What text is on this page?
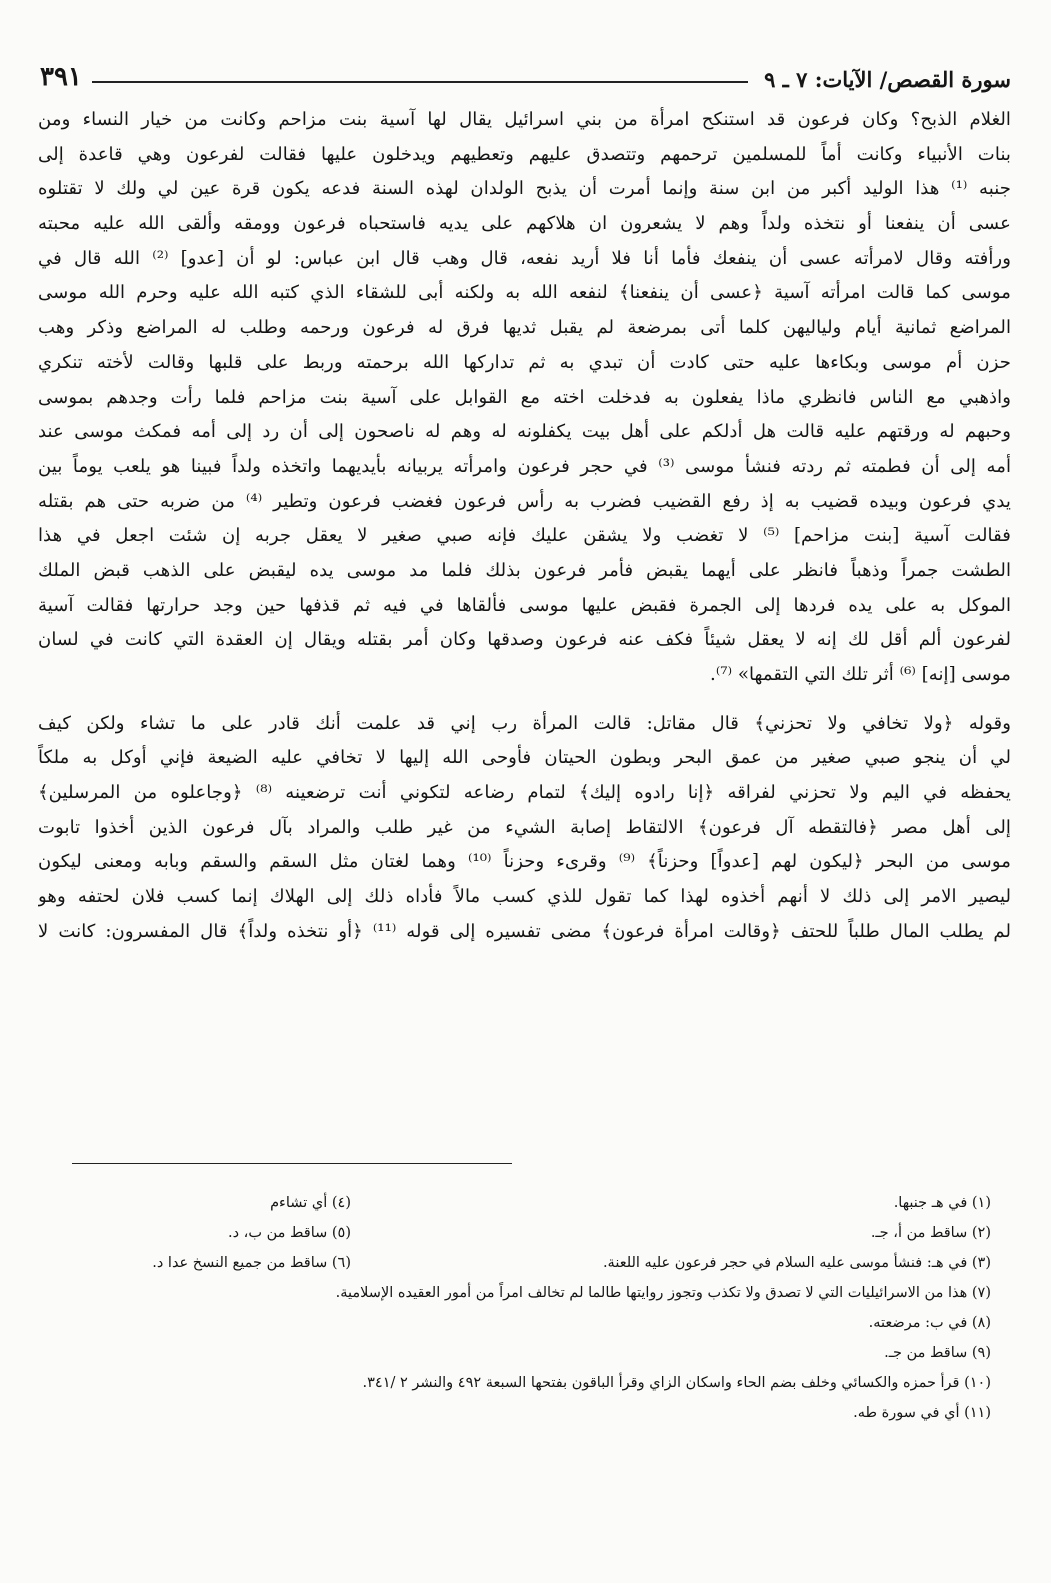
سورة القصص/ الآيات: ٧ ـ ٩
٣٩١
الغلام الذبح؟ وكان فرعون قد استنكح امرأة من بني اسرائيل يقال لها آسية بنت مزاحم وكانت من خيار النساء ومن
بنات الأنبياء وكانت أماً للمسلمين ترحمهم وتتصدق عليهم وتعطيهم ويدخلون عليها فقالت لفرعون وهي قاعدة إلى
جنبه ⁽¹⁾ هذا الوليد أكبر من ابن سنة وإنما أمرت أن يذبح الولدان لهذه السنة فدعه يكون قرة عين لي ولك لا تقتلوه
عسى أن ينفعنا أو نتخذه ولداً وهم لا يشعرون ان هلاكهم على يديه فاستحباه فرعون وومقه وألقى الله عليه محبته
ورأفته وقال لامرأته عسى أن ينفعك فأما أنا فلا أريد نفعه، قال وهب قال ابن عباس: لو أن [عدو] ⁽²⁾ الله قال في
موسى كما قالت امرأته آسية ﴿عسى أن ينفعنا﴾ لنفعه الله به ولكنه أبى للشقاء الذي كتبه الله عليه وحرم الله موسى
المراضع ثمانية أيام ولياليهن كلما أتى بمرضعة لم يقبل ثديها فرق له فرعون ورحمه وطلب له المراضع وذكر وهب
حزن أم موسى وبكاءها عليه حتى كادت أن تبدي به ثم تداركها الله برحمته وربط على قلبها وقالت لأخته تنكري
واذهبي مع الناس فانظري ماذا يفعلون به فدخلت اخته مع القوابل على آسية بنت مزاحم فلما رأت وجدهم بموسى
وحبهم له ورقتهم عليه قالت هل أدلكم على أهل بيت يكفلونه له وهم له ناصحون إلى أن رد إلى أمه فمكث موسى عند
أمه إلى أن فطمته ثم ردته فنشأ موسى ⁽³⁾ في حجر فرعون وامرأته يربيانه بأيديهما واتخذه ولداً فبينا هو يلعب يوماً بين
يدي فرعون وبيده قضيب به إذ رفع القضيب فضرب به رأس فرعون فغضب فرعون وتطير ⁽⁴⁾ من ضربه حتى هم بقتله
فقالت آسية [بنت مزاحم] ⁽⁵⁾ لا تغضب ولا يشقن عليك فإنه صبي صغير لا يعقل جربه إن شئت اجعل في هذا
الطشت جمراً وذهباً فانظر على أيهما يقبض فأمر فرعون بذلك فلما مد موسى يده ليقبض على الذهب قبض الملك
الموكل به على يده فردها إلى الجمرة فقبض عليها موسى فألقاها في فيه ثم قذفها حين وجد حرارتها فقالت آسية
لفرعون ألم أقل لك إنه لا يعقل شيئاً فكف عنه فرعون وصدقها وكان أمر بقتله ويقال إن العقدة التي كانت في لسان
موسى [إنه] ⁽⁶⁾ أثر تلك التي التقمها» ⁽⁷⁾.
وقوله ﴿ولا تخافي ولا تحزني﴾ قال مقاتل: قالت المرأة رب إني قد علمت أنك قادر على ما تشاء ولكن كيف
لي أن ينجو صبي صغير من عمق البحر وبطون الحيتان فأوحى الله إليها لا تخافي عليه الضيعة فإني أوكل به ملكاً
يحفظه في اليم ولا تحزني لفراقه ﴿إنا رادوه إليك﴾ لتمام رضاعه لتكوني أنت ترضعينه ⁽⁸⁾ ﴿وجاعلوه من المرسلين﴾
إلى أهل مصر ﴿فالتقطه آل فرعون﴾ الالتقاط إصابة الشيء من غير طلب والمراد بآل فرعون الذين أخذوا تابوت
موسى من البحر ﴿ليكون لهم [عدواً] وحزناً﴾ ⁽⁹⁾ وقرىء وحزناً ⁽¹⁰⁾ وهما لغتان مثل السقم والسقم وبابه ومعنى ليكون
ليصير الامر إلى ذلك لا أنهم أخذوه لهذا كما تقول للذي كسب مالاً فأداه ذلك إلى الهلاك إنما كسب فلان لحتفه وهو
لم يطلب المال طلباً للحتف ﴿وقالت امرأة فرعون﴾ مضى تفسيره إلى قوله ⁽¹¹⁾ ﴿أو نتخذه ولداً﴾ قال المفسرون: كانت لا
(١) في هـ جنبها.
(٤) أي تشاءم
(٢) ساقط من أ، جـ.
(٥) ساقط من ب، د.
(٣) في هـ: فنشأ موسى عليه السلام في حجر فرعون عليه اللعنة.
(٦) ساقط من جميع النسخ عدا د.
(٧) هذا من الاسرائيليات التي لا تصدق ولا تكذب وتجوز روايتها طالما لم تخالف امراً من أمور العقيده الإسلامية.
(٨) في ب: مرضعته.
(٩) ساقط من جـ.
(١٠) قرأ حمزه والكسائي وخلف بضم الحاء واسكان الزاي وقرأ الباقون بفتحها السبعة ٤٩٢ والنشر ٢ /٣٤١.
(١١) أي في سورة طه.
